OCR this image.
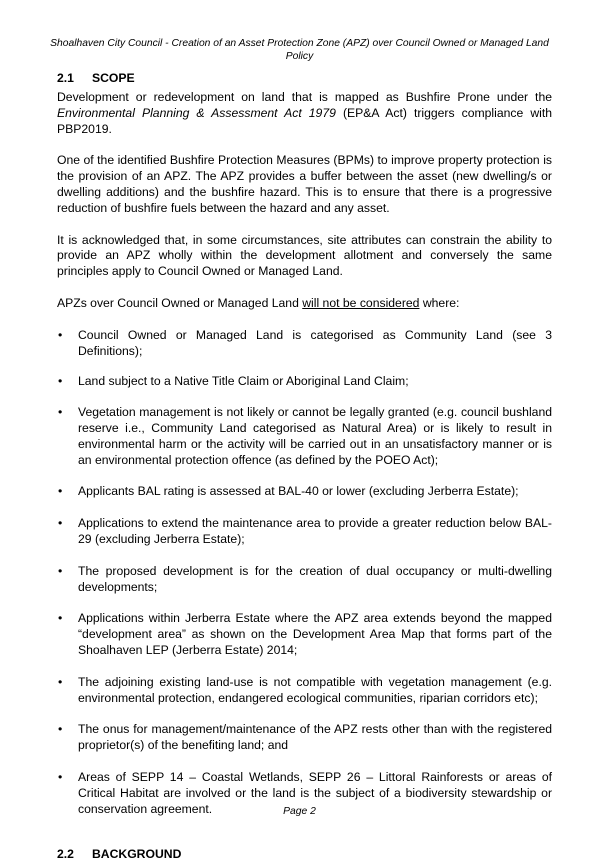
Shoalhaven City Council - Creation of an Asset Protection Zone (APZ) over Council Owned or Managed Land Policy
2.1 SCOPE

Development or redevelopment on land that is mapped as Bushfire Prone under the Environmental Planning & Assessment Act 1979 (EP&A Act) triggers compliance with PBP2019.

One of the identified Bushfire Protection Measures (BPMs) to improve property protection is the provision of an APZ. The APZ provides a buffer between the asset (new dwelling/s or dwelling additions) and the bushfire hazard. This is to ensure that there is a progressive reduction of bushfire fuels between the hazard and any asset.

It is acknowledged that, in some circumstances, site attributes can constrain the ability to provide an APZ wholly within the development allotment and conversely the same principles apply to Council Owned or Managed Land.

APZs over Council Owned or Managed Land will not be considered where:

• Council Owned or Managed Land is categorised as Community Land (see 3 Definitions);
• Land subject to a Native Title Claim or Aboriginal Land Claim;
• Vegetation management is not likely or cannot be legally granted (e.g. council bushland reserve i.e., Community Land categorised as Natural Area) or is likely to result in environmental harm or the activity will be carried out in an unsatisfactory manner or is an environmental protection offence (as defined by the POEO Act);
• Applicants BAL rating is assessed at BAL-40 or lower (excluding Jerberra Estate);
• Applications to extend the maintenance area to provide a greater reduction below BAL-29 (excluding Jerberra Estate);
• The proposed development is for the creation of dual occupancy or multi-dwelling developments;
• Applications within Jerberra Estate where the APZ area extends beyond the mapped “development area” as shown on the Development Area Map that forms part of the Shoalhaven LEP (Jerberra Estate) 2014;
• The adjoining existing land-use is not compatible with vegetation management (e.g. environmental protection, endangered ecological communities, riparian corridors etc);
• The onus for management/maintenance of the APZ rests other than with the registered proprietor(s) of the benefiting land; and
• Areas of SEPP 14 – Coastal Wetlands, SEPP 26 – Littoral Rainforests or areas of Critical Habitat are involved or the land is the subject of a biodiversity stewardship or conservation agreement.
2.2 BACKGROUND
Page 2
